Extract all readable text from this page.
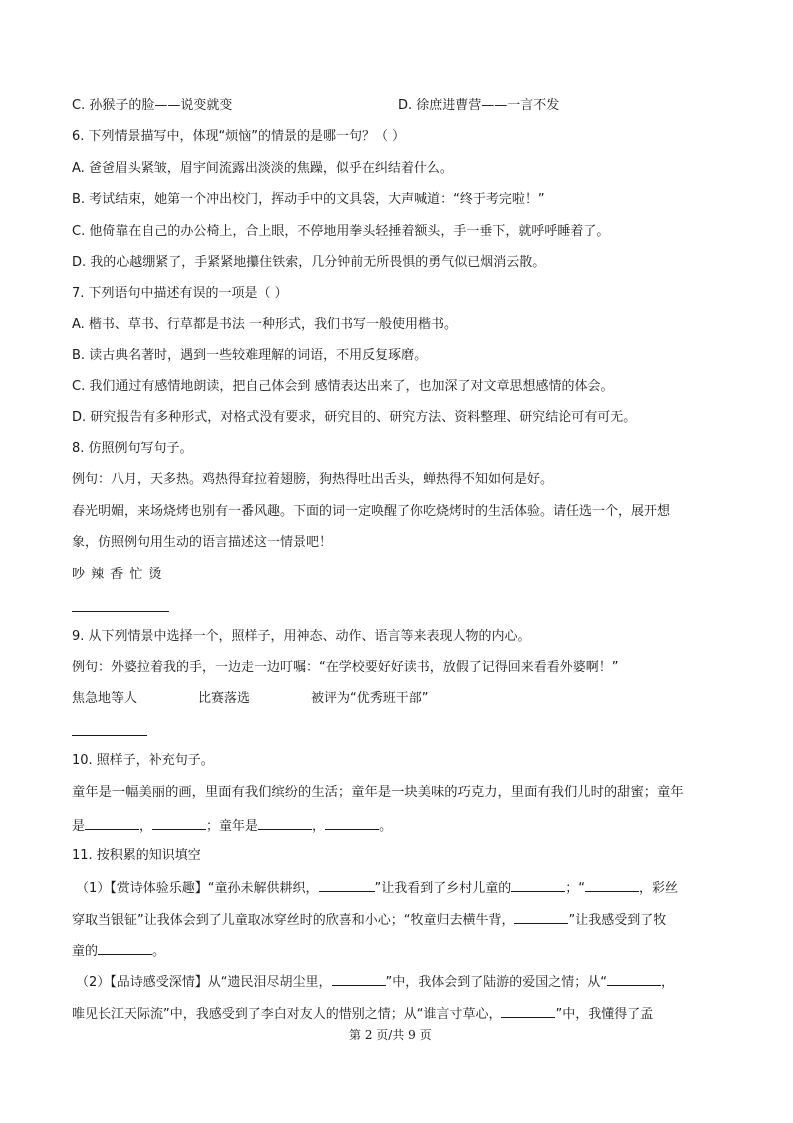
C. 孙猴子的脸——说变就变	D. 徐庶进曹营——一言不发
6. 下列情景描写中，体现“烦恼”的情景的是哪一句？（ ）
A. 爸爸眉头紧皱，眉宇间流露出淡淡的焦躁，似乎在纠结着什么。
B. 考试结束，她第一个冲出校门，挥动手中的文具袋，大声喊道：“终于考完啦！”
C. 他倚靠在自己的办公椅上，合上眼，不停地用拳头轻捶着额头，手一垂下，就呼呼睡着了。
D. 我的心越绷紧了，手紧紧地攥住铁索，几分钟前无所畏惧的勇气似已烟消云散。
7. 下列语句中描述有误的一项是（ ）
A. 楷书、草书、行草都是书法 一种形式，我们书写一般使用楷书。
B. 读古典名著时，遇到一些较难理解的词语，不用反复琢磨。
C. 我们通过有感情地朗读，把自己体会到 感情表达出来了，也加深了对文章思想感情的体会。
D. 研究报告有多种形式，对格式没有要求，研究目的、研究方法、资料整理、研究结论可有可无。
8. 仿照例句写句子。
例句：八月，天多热。鸡热得耷拉着翅膀，狗热得吐出舌头，蝉热得不知如何是好。
春光明媚，来场烧烤也别有一番风趣。下面的词一定唤醒了你吃烧烤时的生活体验。请任选一个，展开想
象，仿照例句用生动的语言描述这一情景吧！
吵 辣 香 忙 烫
9. 从下列情景中选择一个，照样子，用神态、动作、语言等来表现人物的内心。
例句：外婆拉着我的手，一边走一边叮嘱：“在学校要好好读书，放假了记得回来看看外婆啊！”
焦急地等人	比赛落选	被评为“优秀班干部”
10. 照样子，补充句子。
童年是一幅美丽的画，里面有我们缤纷的生活；童年是一块美味的巧克力，里面有我们儿时的甜蜜；童年
是	，	；童年是	，	。
11. 按积累的知识填空
（1）【赏诗体验乐趣】“童孙未解供耕织，	”让我看到了乡村儿童的	；“	，彩丝
穿取当银钲”让我体会到了儿童取冰穿丝时的欣喜和小心；“牧童归去横牛背，	”让我感受到了牧
童的	。
（2）【品诗感受深情】从“遗民泪尽胡尘里，	”中，我体会到了陆游的爱国之情；从“	，
唯见长江天际流”中，我感受到了李白对友人的惜别之情；从“谁言寸草心，	”中，我懂得了孟
第 2 页/共 9 页
